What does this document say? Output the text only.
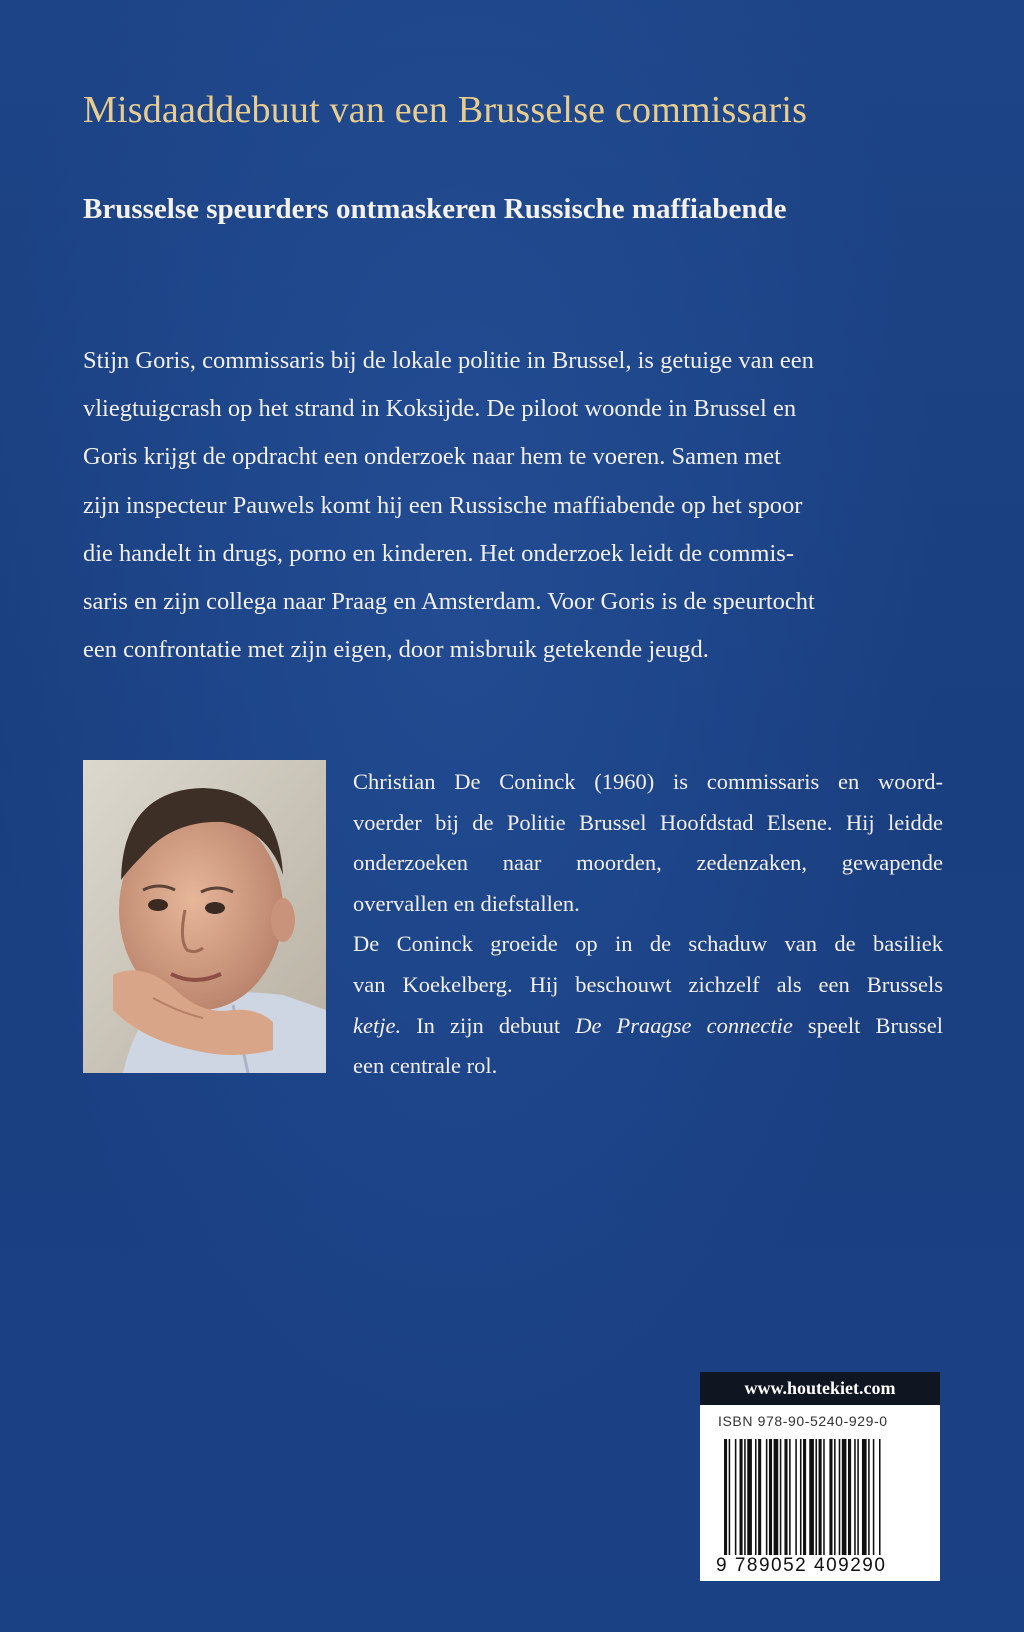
Misdaaddebuut van een Brusselse commissaris
Brusselse speurders ontmaskeren Russische maffiabende

Stijn Goris, commissaris bij de lokale politie in Brussel, is getuige van een
vliegtuigcrash op het strand in Koksijde. De piloot woonde in Brussel en
Goris krijgt de opdracht een onderzoek naar hem te voeren. Samen met
zijn inspecteur Pauwels komt hij een Russische maffiabende op het spoor
die handelt in drugs, porno en kinderen. Het onderzoek leidt de commis-
saris en zijn collega naar Praag en Amsterdam. Voor Goris is de speurtocht
een confrontatie met zijn eigen, door misbruik getekende jeugd.

Christian De Coninck (1960) is commissaris en woord-
voerder bij de Politie Brussel Hoofdstad Elsene. Hij leidde
onderzoeken naar moorden, zedenzaken, gewapende
overvallen en diefstallen.
De Coninck groeide op in de schaduw van de basiliek
van Koekelberg. Hij beschouwt zichzelf als een Brussels
ketje. In zijn debuut De Praagse connectie speelt Brussel
een centrale rol.

www.houtekiet.com
ISBN 978-90-5240-929-0
9 789052 409290
